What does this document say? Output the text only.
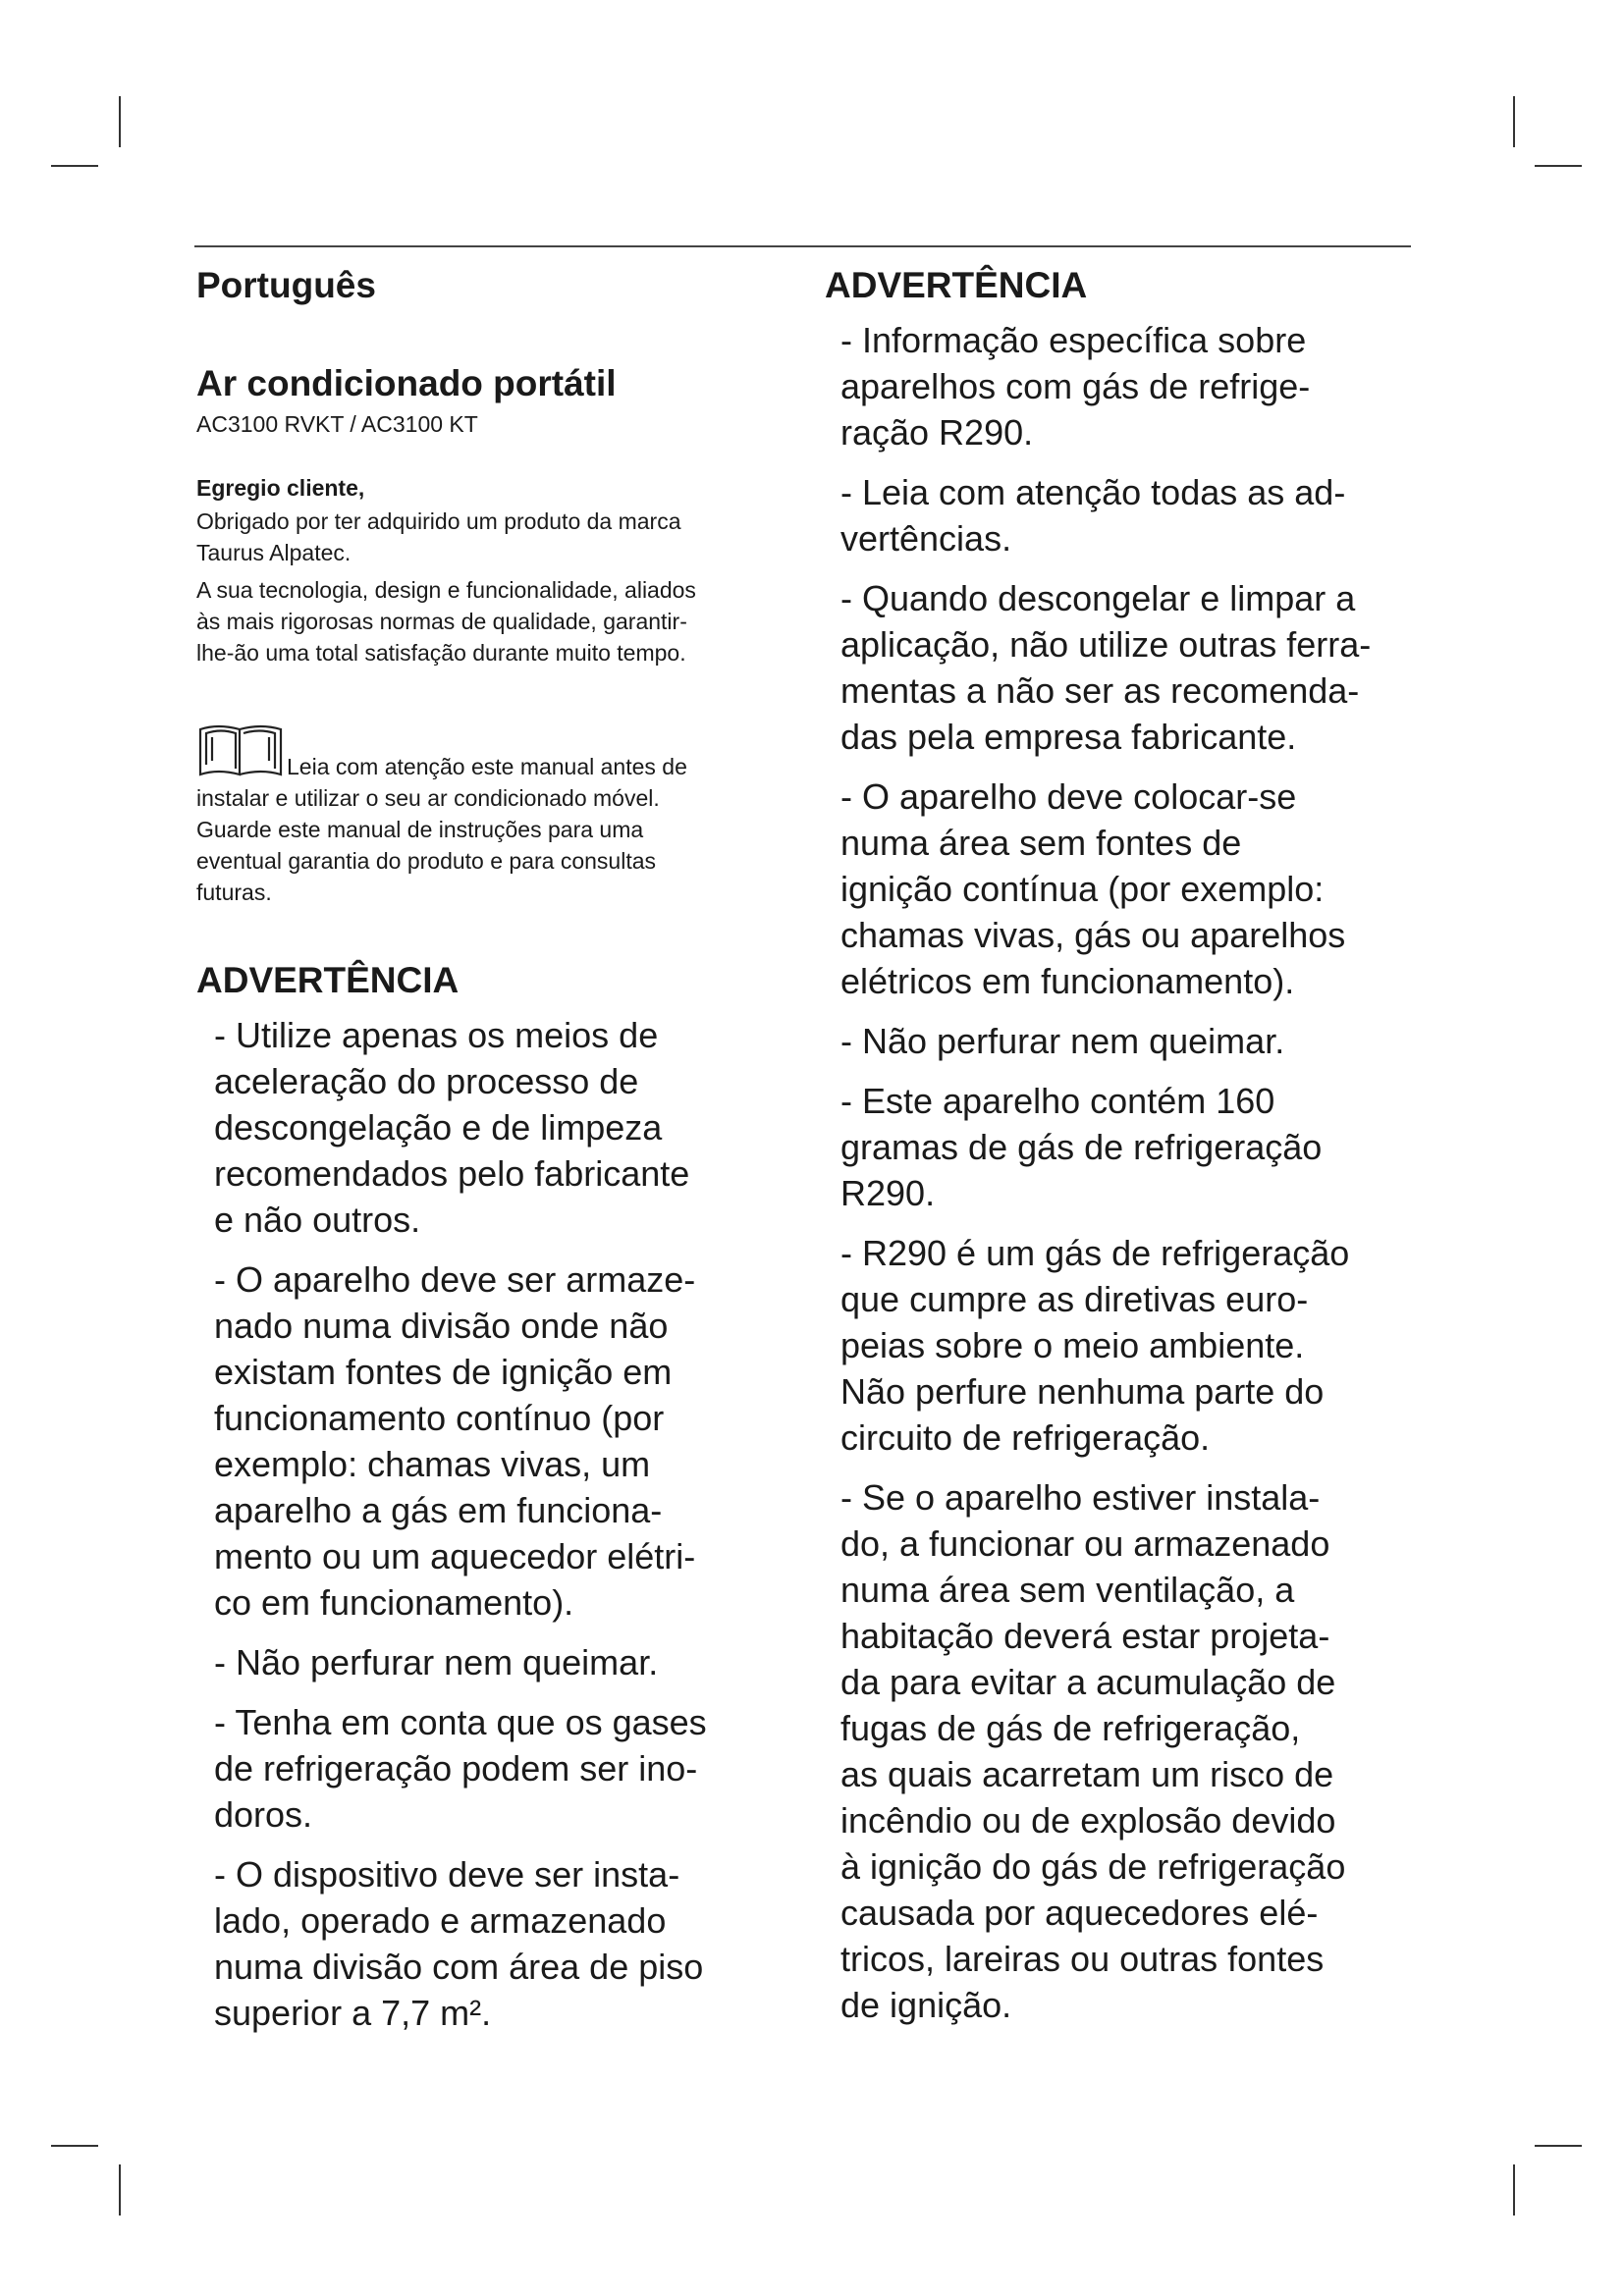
Português
Ar condicionado portátil

AC3100 RVKT / AC3100 KT

Egregio cliente,

Obrigado por ter adquirido um produto da marca
Taurus Alpatec.

A sua tecnologia, design e funcionalidade, aliados
às mais rigorosas normas de qualidade, garantir-
lhe-ão uma total satisfação durante muito tempo.

Leia com atenção este manual antes de
instalar e utilizar o seu ar condicionado móvel.
Guarde este manual de instruções para uma
eventual garantia do produto e para consultas
futuras.
ADVERTÊNCIA

- Utilize apenas os meios de
aceleração do processo de
descongelação e de limpeza
recomendados pelo fabricante
e não outros.

- O aparelho deve ser armaze-
nado numa divisão onde não
existam fontes de ignição em
funcionamento contínuo (por
exemplo: chamas vivas, um
aparelho a gás em funciona-
mento ou um aquecedor elétri-
co em funcionamento).

- Não perfurar nem queimar.

- Tenha em conta que os gases
de refrigeração podem ser ino-
doros.

- O dispositivo deve ser insta-
lado, operado e armazenado
numa divisão com área de piso
superior a 7,7 m².

ADVERTÊNCIA

- Informação específica sobre
aparelhos com gás de refrige-
ração R290.

- Leia com atenção todas as ad-
vertências.

- Quando descongelar e limpar a
aplicação, não utilize outras ferra-
mentas a não ser as recomenda-
das pela empresa fabricante.

- O aparelho deve colocar-se
numa área sem fontes de
ignição contínua (por exemplo:
chamas vivas, gás ou aparelhos
elétricos em funcionamento).

- Não perfurar nem queimar.

- Este aparelho contém 160
gramas de gás de refrigeração
R290.

- R290 é um gás de refrigeração
que cumpre as diretivas euro-
peias sobre o meio ambiente.
Não perfure nenhuma parte do
circuito de refrigeração.

- Se o aparelho estiver instala-
do, a funcionar ou armazenado
numa área sem ventilação, a
habitação deverá estar projeta-
da para evitar a acumulação de
fugas de gás de refrigeração,
as quais acarretam um risco de
incêndio ou de explosão devido
à ignição do gás de refrigeração
causada por aquecedores elé-
tricos, lareiras ou outras fontes
de ignição.
